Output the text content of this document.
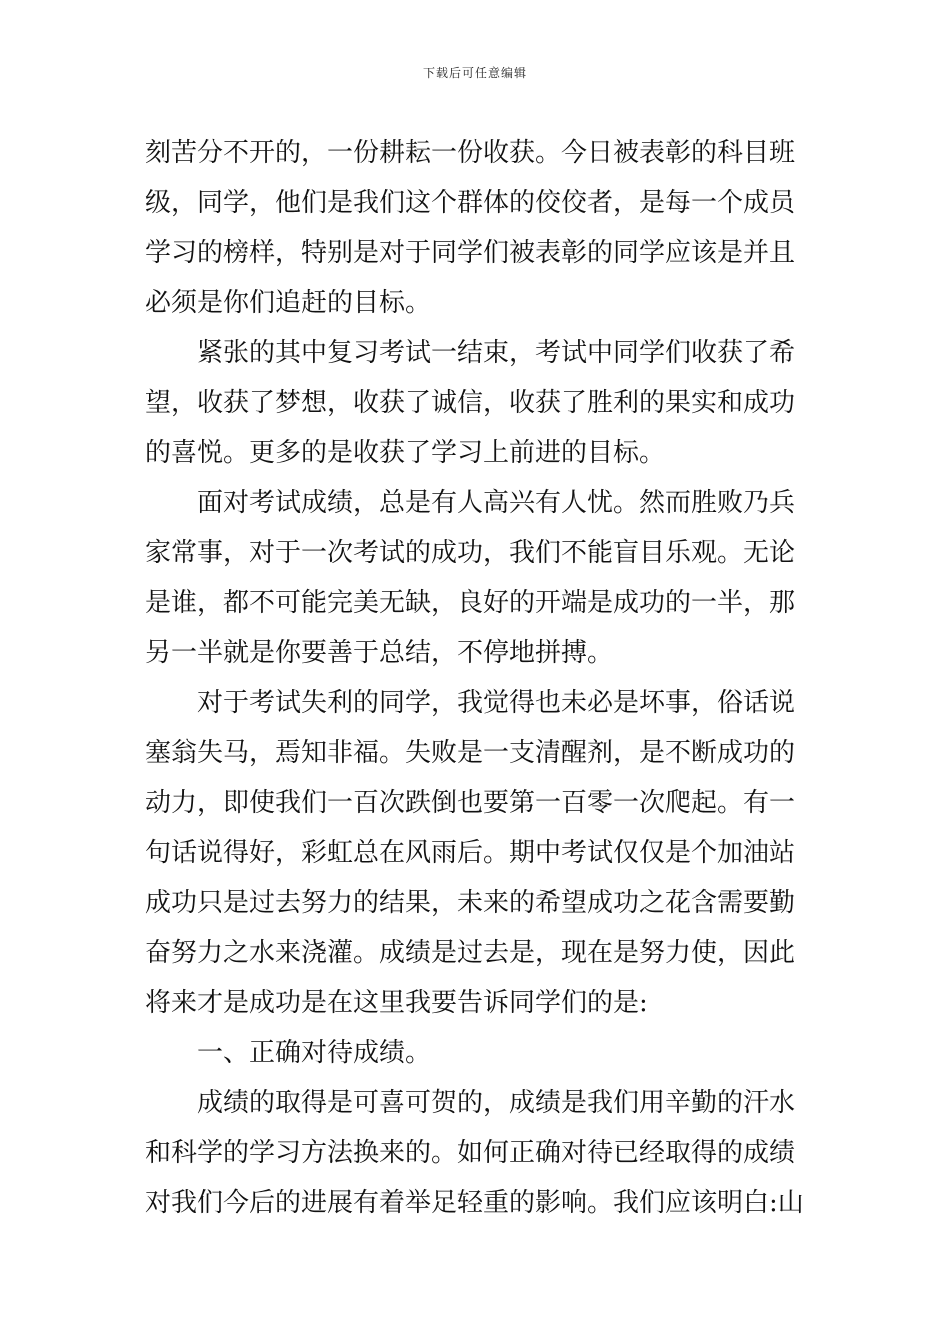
下载后可任意编辑
刻苦分不开的，一份耕耘一份收获。今日被表彰的科目班
级，同学，他们是我们这个群体的佼佼者，是每一个成员
学习的榜样，特别是对于同学们被表彰的同学应该是并且
必须是你们追赶的目标。
紧张的其中复习考试一结束，考试中同学们收获了希
望，收获了梦想，收获了诚信，收获了胜利的果实和成功
的喜悦。更多的是收获了学习上前进的目标。
面对考试成绩，总是有人高兴有人忧。然而胜败乃兵
家常事，对于一次考试的成功，我们不能盲目乐观。无论
是谁，都不可能完美无缺，良好的开端是成功的一半，那
另一半就是你要善于总结，不停地拼搏。
对于考试失利的同学，我觉得也未必是坏事，俗话说
塞翁失马，焉知非福。失败是一支清醒剂，是不断成功的
动力，即使我们一百次跌倒也要第一百零一次爬起。有一
句话说得好，彩虹总在风雨后。期中考试仅仅是个加油站
成功只是过去努力的结果，未来的希望成功之花含需要勤
奋努力之水来浇灌。成绩是过去是，现在是努力使，因此
将来才是成功是在这里我要告诉同学们的是:
一、正确对待成绩。
成绩的取得是可喜可贺的，成绩是我们用辛勤的汗水
和科学的学习方法换来的。如何正确对待已经取得的成绩
对我们今后的进展有着举足轻重的影响。我们应该明白:山
